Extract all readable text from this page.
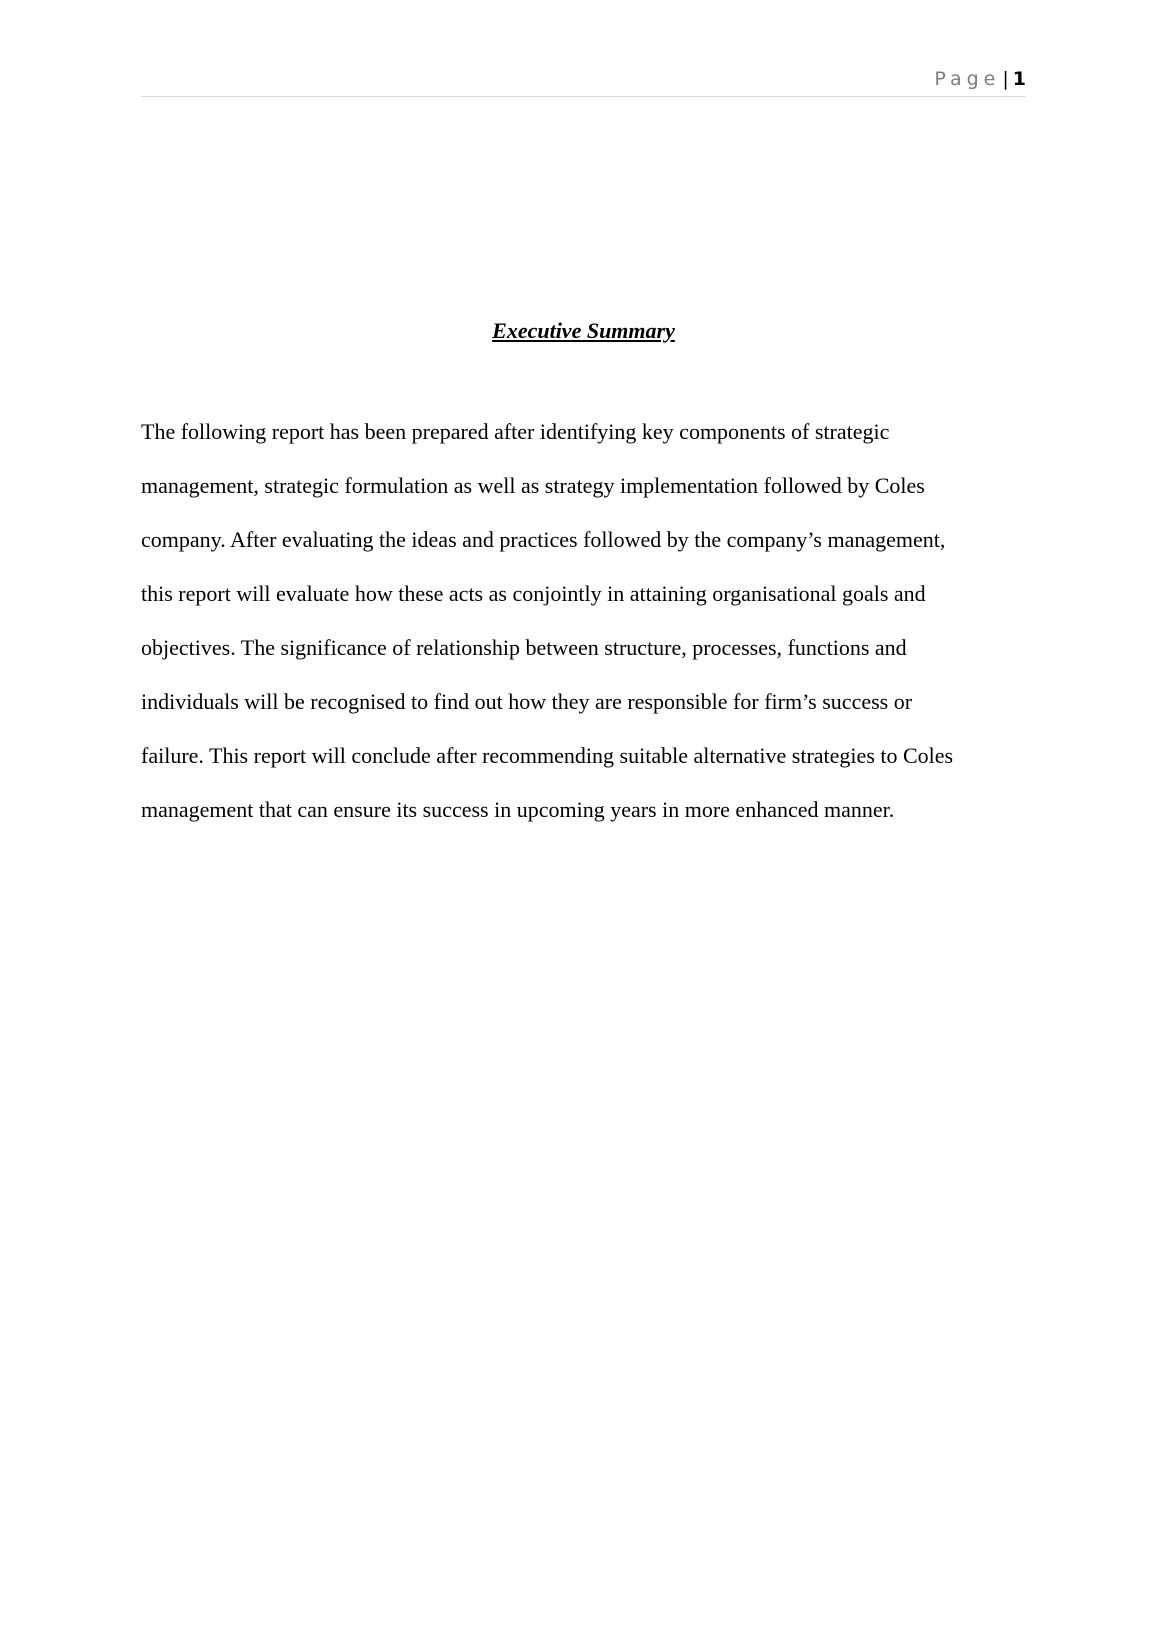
Page | 1
Executive Summary

The following report has been prepared after identifying key components of strategic
management, strategic formulation as well as strategy implementation followed by Coles
company. After evaluating the ideas and practices followed by the company’s management,
this report will evaluate how these acts as conjointly in attaining organisational goals and
objectives. The significance of relationship between structure, processes, functions and
individuals will be recognised to find out how they are responsible for firm’s success or
failure. This report will conclude after recommending suitable alternative strategies to Coles
management that can ensure its success in upcoming years in more enhanced manner.
